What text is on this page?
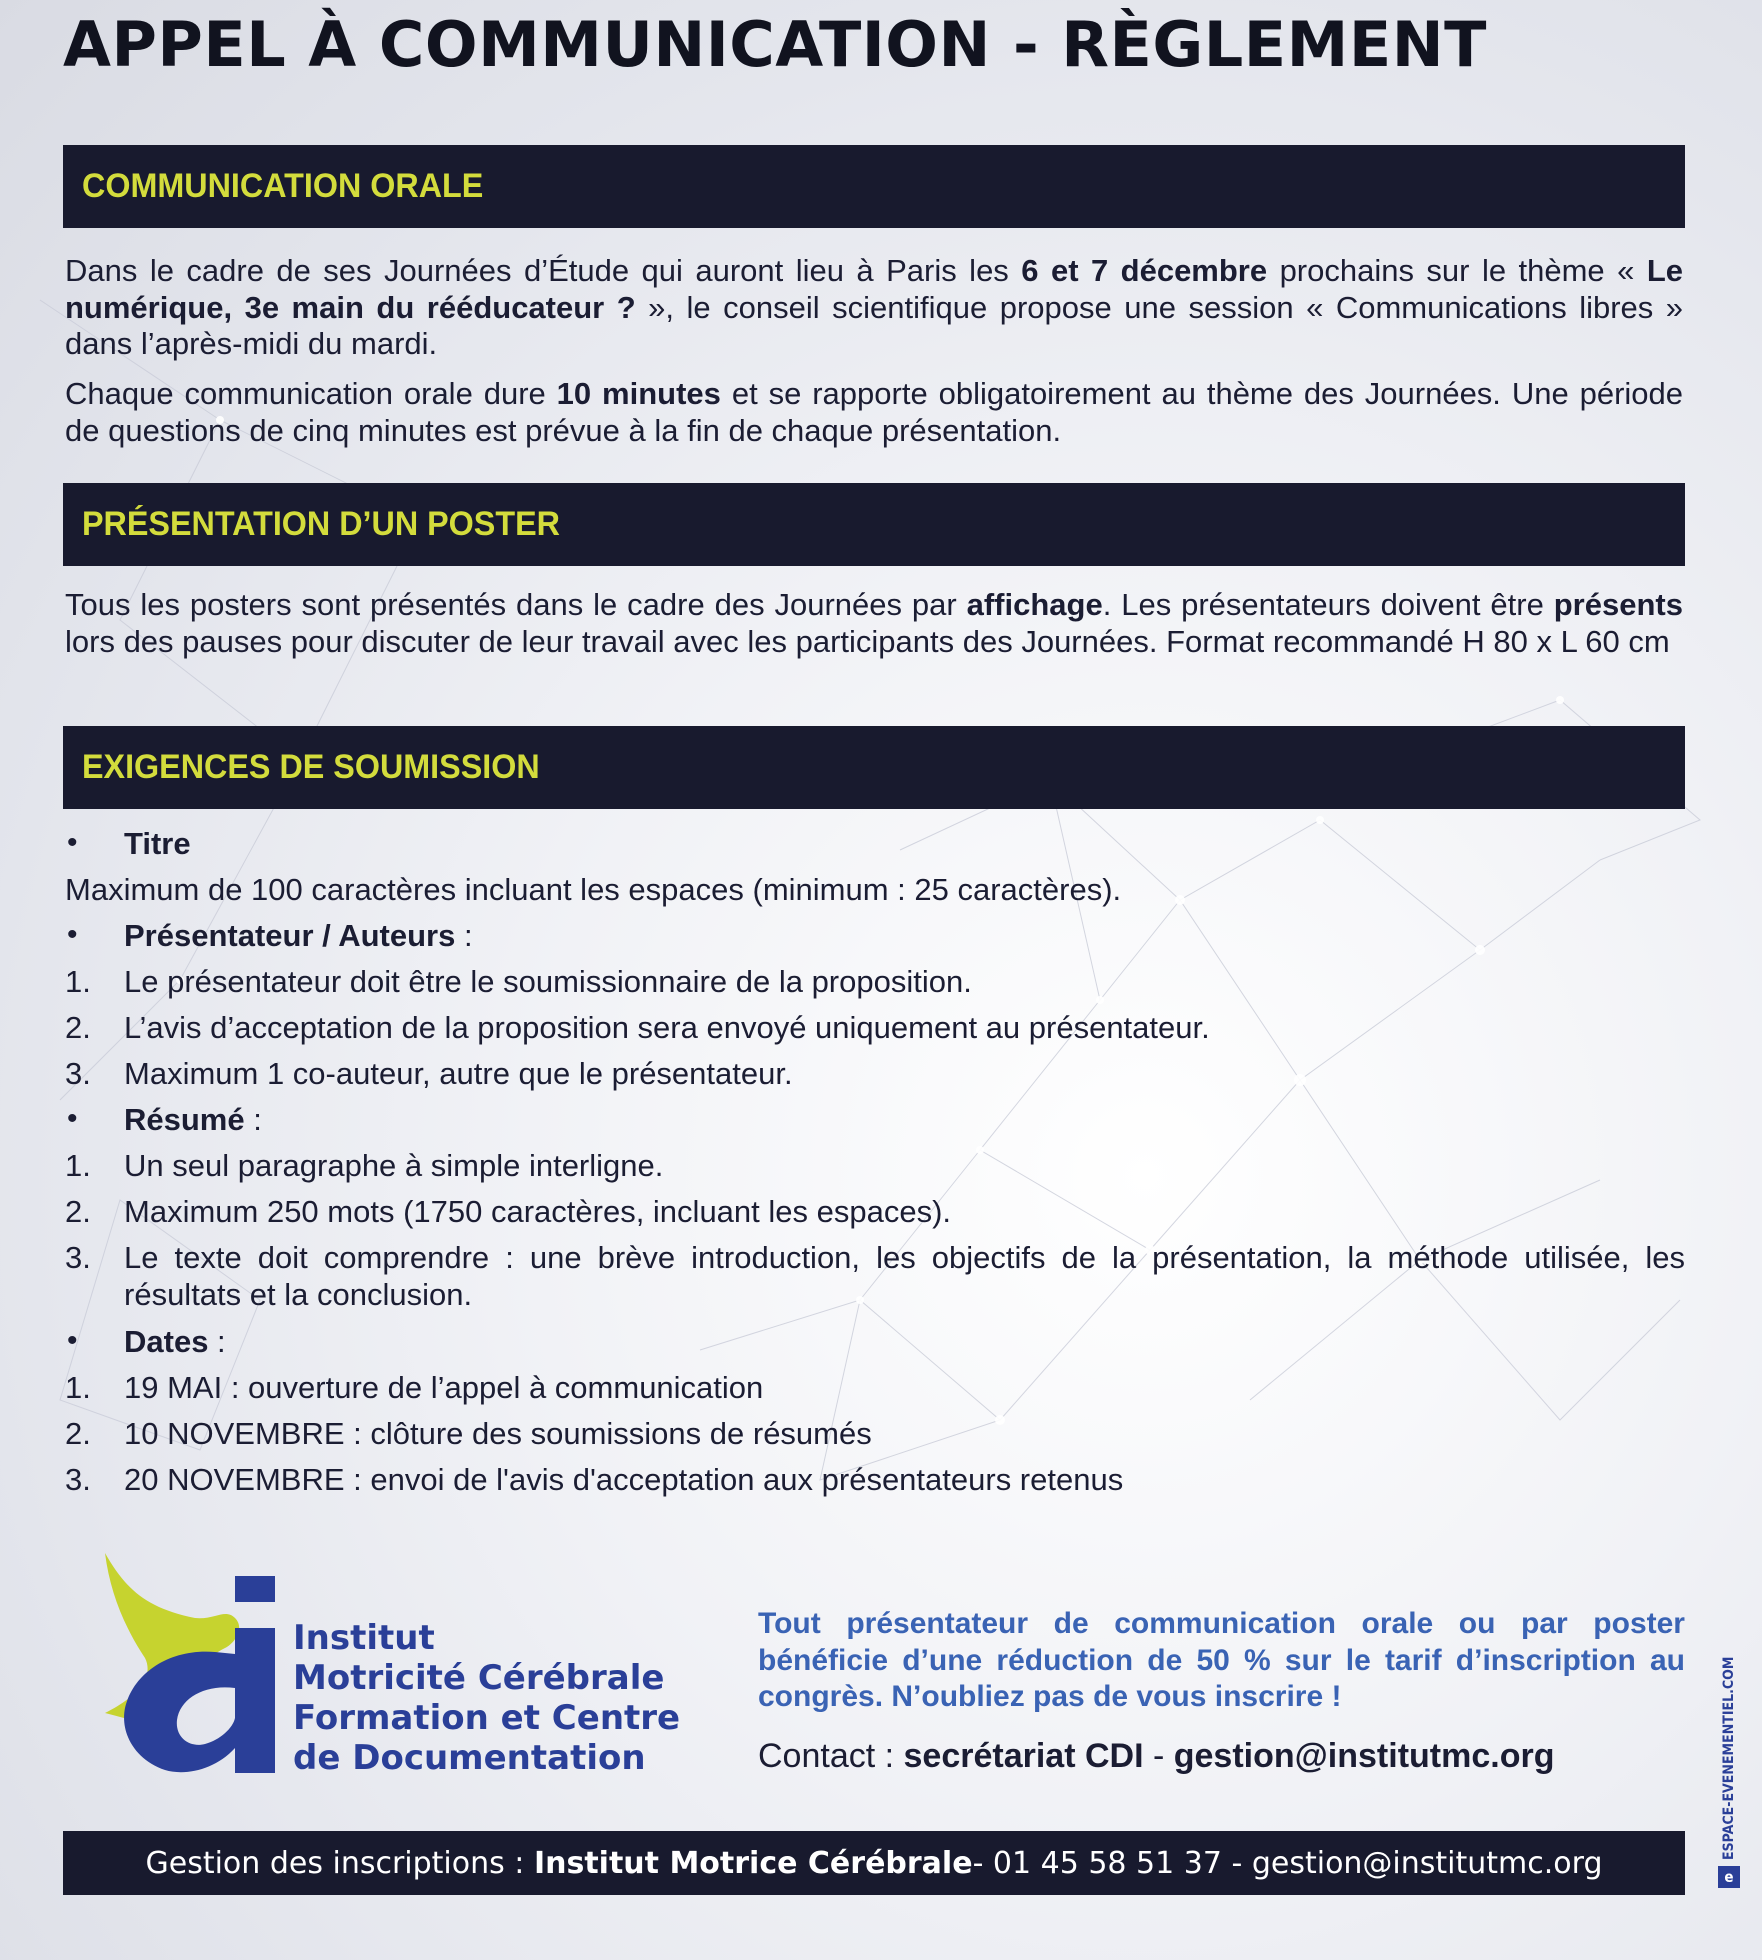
APPEL À COMMUNICATION - RÈGLEMENT
COMMUNICATION ORALE

Dans le cadre de ses Journées d’Étude qui auront lieu à Paris les 6 et 7 décembre prochains sur le thème « Le numérique, 3e main du rééducateur ? », le conseil scientifique propose une session « Communications libres » dans l’après-midi du mardi.

Chaque communication orale dure 10 minutes et se rapporte obligatoirement au thème des Journées. Une période de questions de cinq minutes est prévue à la fin de chaque présentation.

PRÉSENTATION D’UN POSTER

Tous les posters sont présentés dans le cadre des Journées par affichage. Les présentateurs doivent être présents lors des pauses pour discuter de leur travail avec les participants des Journées. Format recommandé H 80 x L 60 cm

EXIGENCES DE SOUMISSION
• Titre
Maximum de 100 caractères incluant les espaces (minimum : 25 caractères).
• Présentateur / Auteurs :
1. Le présentateur doit être le soumissionnaire de la proposition.
2. L’avis d’acceptation de la proposition sera envoyé uniquement au présentateur.
3. Maximum 1 co-auteur, autre que le présentateur.
• Résumé :
1. Un seul paragraphe à simple interligne.
2. Maximum 250 mots (1750 caractères, incluant les espaces).
3. Le texte doit comprendre : une brève introduction, les objectifs de la présentation, la méthode utilisée, les résultats et la conclusion.
• Dates :
1. 19 MAI : ouverture de l’appel à communication
2. 10 NOVEMBRE : clôture des soumissions de résumés
3. 20 NOVEMBRE : envoi de l'avis d'acceptation aux présentateurs retenus
Institut
Motricité Cérébrale
Formation et Centre
de Documentation

Tout présentateur de communication orale ou par poster bénéficie d’une réduction de 50 % sur le tarif d’inscription au congrès. N’oubliez pas de vous inscrire !

Contact : secrétariat CDI - gestion@institutmc.org
Gestion des inscriptions :
Institut Motrice Cérébrale - 01 45 58 51 37 - gestion@institutmc.org	e
ESPACE-EVENEMENTIEL.COM
